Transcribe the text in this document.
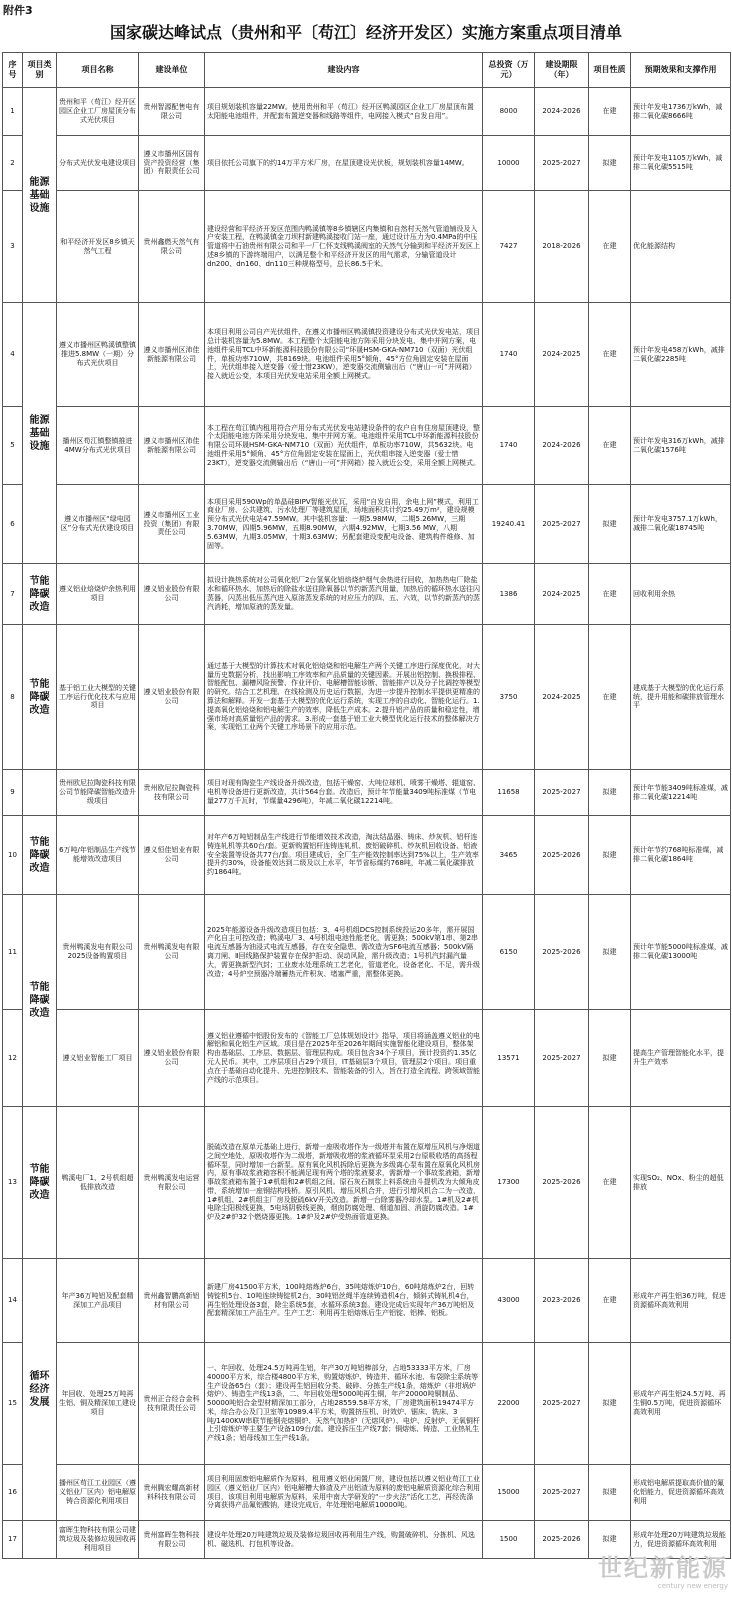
附件3
国家碳达峰试点（贵州和平〔苟江〕经济开发区）实施方案重点项目清单
序号	项目类别	项目名称	建设单位	建设内容	总投资（万元）	建设期限（年）	项目性质	预期效果和支撑作用
1	能源基础设施	贵州和平（苟江）经开区园区企业工厂房屋顶分布式光伏项目	贵州智源配售电有限公司	项目规划装机容量22MW。使用贵州和平（苟江）经开区鸭溪园区企业工厂房屋顶布置太阳能电池组件，并配套布置逆变器和线路等组件，电网接入模式“自发自用”。	8000	2024-2026	在建	预计年发电1736万kWh，减排二氧化碳8666吨
2		分布式光伏发电建设项目	遵义市播州区国有资产投资经营（集团）有限责任公司	项目依托公司旗下的约14万平方米厂房，在屋顶建设光伏板，规划装机容量14MW。	10000	2025-2027	拟建	预计年发电1105万kWh，减排二氧化碳5515吨
3		和平经济开发区8乡镇天然气工程	贵州鑫燃天然气有限公司	建设经营和平经济开发区范围内鸭溪镇等8乡镇辖区内集镇和自然村天然气管道铺设及入户安装工程，在鸭溪镇金刀坝村新建鸭溪接收门站一座，通过设计压力为0.4MPa的中压管道将中石油贵州有限公司和平一厂仁怀支线鸭溪阀室的天然气分输到和平经济开发区上述8乡镇的下游终端用户，以满足整个和平经济开发区的用气需求，分输管道设计dn200、dn160、dn110三种规格型号，总长86.5千米。	7427	2018-2026	在建	优化能源结构
4	能源基础设施	遵义市播州区鸭溪镇整镇推进5.8MW（一期）分布式光伏项目	遵义市播州区沛佳新能源有限公司	本项目利用公司自产光伏组件，在遵义市播州区鸭溪镇投资建设分布式光伏发电站，项目总计装机容量为5.8MW。本工程整个太阳能电池方阵采用分块发电、集中并网方案，电池组件采用TCL中环新能源科技股份有限公司“环晟HSM-GKA-NM710（双面）光伏组件，单板功率710W，共8169块。电池组件采用5°倾角、45°方位角固定安装在屋面上，光伏组串接入逆变器（爱士惜23KW），逆变器交流侧输出后（“唐山一可”并网箱）接入就近公变，本项目光伏发电站采用全额上网模式。	1740	2024-2025	在建	预计年发电458万kWh，减排二氧化碳2285吨
5		播州区苟江镇整镇推进4MW分布式光伏项目	遵义市播州区沛佳新能源有限公司	本工程在苟江镇内租用符合产用分布式光伏发电站建设条件的农户自有住房屋顶建设，整个太阳能电池方阵采用分块发电、集中并网方案。电池组件采用TCL中环新能源科技股份有限公司环晟HSM-GKA-NM710（双面）光伏组件，单板功率710W，共5632块。电池组件采用5°倾角、45°方位角固定安装在屋面上，光伏组串接入逆变器（爱士惜23KT），逆变器交流侧输出后（“唐山一可”并网箱）接入就近公变，采用全额上网模式。	1740	2024-2026	在建	预计年发电316万kWh，减排二氧化碳1576吨
6		遵义市播州区“绿电园区”分布式光伏建设项目	遵义市播州区工业投资（集团）有限责任公司	本项目采用590Wp的单晶硅BIPV智能光伏瓦，采用“自发自用，余电上网”模式，利用工商业厂房、公共建筑、污水处理厂等建筑屋顶，场地面积共计约25.49万m²，建设规模预分布式光伏电站47.59MW。其中装机容量：一期5.98MW，二期5.26MW，三期3.70MW，四期5.96MW，五期8.90MW，六期4.92MW，七期3.56 MW，八期5.63MW，九期3.05MW，十期3.63MW；另配套建设变配电设备、建筑构件维修、加固等。	19240.41	2025-2027	拟建	预计年发电3757.1万kWh，减排二氧化碳18745吨
7	节能降碳改造	遵义铝业焙烧炉余热利用项目	遵义铝业股份有限公司	拟设计换热系统对公司氧化铝厂2台氢氧化铝焙烧炉烟气余热进行回收，加热热电厂除盐水和循环热水，加热后的除盐水送往除氧器以节约新蒸汽用量，加热后的循环热水送往闪蒸器，闪蒸出低压蒸汽进入原溶蒸发系统的对应压力的四、五、六效，以节约新蒸汽的蒸汽消耗，增加原液的蒸发量。	1386	2024-2025	在建	回收利用余热
8	节能降碳改造	基于铝工业大模型的关键工序运行优化技术与应用项目	遵义铝业股份有限公司	通过基于大模型的计算技术对氧化铝焙烧和铝电解生产两个关键工序进行深度优化，对大量历史数据分析，找出影响工序效率和产品质量的关键因素。开展出铝控制、换极排程、智能配包、漏槽风险预警、作业评价、电解槽智能诊断、智能排产以及分子比调控等模型的研究。结合工艺机理、在线检测及历史运行数据，为进一步提升控制水平提供更精准的算法和解释。开发一套基于大模型的优化运行系统，实现工序的自动化、智能化运行。1.提高氧化铝焙烧和铝电解生产的效率，降低生产成本。2.提升铝产品的质量和稳定性，增强市场对高质量铝产品的需求。3.形成一套基于铝工业大模型优化运行技术的整体解决方案，实现铝工业两个关键工序场景下的应用示范。	3750	2024-2025	在建	建成基于大模型的优化运行系统，提升用能和碳排放管理水平
9		贵州欧尼拉陶瓷科技有限公司节能降碳智能改造升级项目	贵州欧尼拉陶瓷科技有限公司	项目对现有陶瓷生产线设备升级改造，包括干燥窑、大吨位球机、喷雾干燥塔、辊道窑、电机等设备进行更新改造，共计564台套。改造后，预计年节能量3409吨标准煤（节电量277万千瓦时，节煤量4296吨），年减二氧化碳12214吨。	11658	2025-2027	拟建	预计年节能3409吨标准煤，减排二氧化碳12214吨
10	节能降碳改造	6万吨/年铝制品生产线节能增效改造项目	遵义恒佳铝业有限公司	对年产6万吨铝制品生产线进行节能增效技术改造，淘汰结晶器、铸床、炒灰机、铝杆连铸连轧机等共60台/套。更新购置铝杆连铸连轧机、废铝破碎机、炒灰机回收设备、铝液安全装置等设备共77台/套。项目建成后，全厂生产能效控制率达到75%以上，生产效率提升约30%，设备能效达到二级及以上水平，年节省标煤约768吨，年减二氧化碳排放约1864吨。	3465	2025-2026	拟建	预计年节约768吨标准煤，减排二氧化碳1864吨
11	节能降碳改造	贵州鸭溪发电有限公司2025设备购置项目	贵州鸭溪发电有限公司	2025年能源设备升级改造项目包括：3、4号机组DCS控制系统投运20多年，需开展国产化自主可控改造；鸭溪电厂3、4号机组电池性能老化，需更换；500kV第1串、第2串电流互感器为油浸式电流互感器，存在安全隐患，需改造为SF6电流互感器；500kV隔离刀闸、Ⅱ回线路保护装置存在保护拒动、误动风险，需升级改造；1号机汽封漏汽量大，需更换新型汽封；工业废水处理系统工艺老化，管道老化，设备老化、不足，需升级改造；4号炉空预器冷端蓄热元件积灰、堵塞严重，需整体更换。	6150	2025-2026	拟建	预计年节能5000吨标准煤，减排二氧化碳13000吨
12		遵义铝业智能工厂项目	遵义铝业股份有限公司	遵义铝业遵循中铝股份发布的《智能工厂总体规划设计》指导，项目将涵盖遵义铝业的电解铝和氧化铝生产区域。项目是在2025年至2026年期间实施智能化建设项目，整体架构由基础层、工序层、数据层、管理层构成。项目包含34个子项目，预计投资约1.35亿元人民币。其中，工序层项目占29个项目，IT基础层3个项目，管理层2个项目。项目重点在于基础自动化提升、先进控制技术、智能装备的引入，旨在打造全流程、跨领域智能产线的示范项目。	13571	2025-2027	拟建	提高生产管理智能化水平，提升生产效率
13	节能降碳改造	鸭溪电厂1、2号机组超低排放改造	贵州鸭溪发电运营有限公司	脱硫改造在原单元基础上进行，新增一座吸收塔作为一级塔并布置在原增压风机与净烟道之间空地处，原吸收塔作为二级塔，新增吸收塔的浆液循环泵采用2台原吸收塔的高扬程循环泵，同时增加一台新泵。原有氧化风机拆除后更换为多级离心泵布置在原氧化风机房内，原有事故浆液箱容积不能满足现有两个塔的浆液要求，需新增一个事故浆液箱，新增事故浆液箱布置于1#机组和2#机组之间。原石灰石制浆上料系统由斗提机改为大倾角皮带，系统增加一座钢结构栈桥。原引风机、增压风机合并，进行引增风机合二为一改造，1#机组、2#机组主厂房及脱硫6kV开关改造。新增一台除雾器冷却水泵。1#机及2#机电除尘阳极线更换，5电场阴极线更换，烟囱防腐处理、烟道加固、消旋防腐改造。1#炉及2#炉32个燃烧器更换。1#炉及2#炉受热面管道更换。	17300	2025-2026	在建	实现SO₂、NOx、粉尘的超低排放
14	循环经济发展	年产36万吨铝及配套精深加工产品项目	贵州鑫智鹏高新铝材有限公司	新建厂房41500平方米，100吨熔炼炉6台，35吨熔炼炉10台，60吨熔炼炉2台，回转铸锭机5台、10吨连续铸锭机2台，30吨铝丝绳半连续铸造机4台，倾斜式铸轧机4台，再生铝处理设备3套，除尘系统5套，水循环系统3套。建设完成后实现年产36万吨铝及配套精深加工产品生产。生产工艺：利用再生铝熔炼后生产铝锭、铝棒、铝板。	43000	2023-2026	在建	形成年产再生铝36万吨，促进资源循环高效利用
15		年回收、处理25万吨再生铝、铜及精深加工建设项目	贵州正合经合金科技有限责任公司	一、年回收、处理24.5万吨再生铝，年产30万吨铝棒部分，占地53333平方米，厂房40000平方米，综合楼4800平方米，购置熔炼炉、铸造井、循环水池、布袋除尘系统等生产设备65台（套）；建设再生铝回收分类、破碎、分拣生产线1条，熔炼炉（非坩埚炉熔炉）、铸造生产线13条，二、年回收处理5000吨再生铜，年产20000吨铜制品、50000吨铝合金型材精深加工部分，占地28559.58平方米，厂房建筑面积19474平方米，综合办公及门卫室等10989.4平方米，购置挤压机、时效炉、锯床、铣床、3吨/1400KW串联节能钢壳熔铜炉、天然气加热炉（无熔风炉）、电炉、反射炉、无氧铜杆上引熔炼炉等主要生产设备109台/套。建设拆压生产线7套；铜熔炼、铸造、工业热轧生产线1条；铝母线加工生产线1条。	22000	2025-2027	拟建	形成年产再生铝24.5万吨、再生铜0.5万吨，促进资源循环高效利用
16		播州区苟江工业园区（遵义铝业厂区内）铝电解原铸合资源化利用项目	贵州腾宏耀高新材料科技有限公司	项目利用固废铝电解质作为原料，租用遵义铝业闲置厂房，建设包括以遵义铝业苟江工业园区（遵义铝业厂区内）铝电解槽大修渣及产出铝渣为原料的废铝电解质资源化综合利用项目，该项目利用电解质为原料，采用中南大学研发的“一步火法”活化工艺，再经洗涤分离获得产品氟铝酸钠，建设完成后，年处理铝电解质10000吨。	15000	2025-2027	拟建	形成铝电解质提取高价值的氟化铝能力，促进资源循环高效利用
17		富晖生物科技有限公司建筑垃圾及装修垃圾回收再利用项目	贵州富晖生物科技有限公司	建设年处理20万吨建筑垃圾及装修垃圾回收再利用生产线，购置破碎机、分拣机、风选机、磁选机、打包机等设备。	1500	2025-2026	拟建	形成年处理20万吨建筑垃圾能力，促进资源循环高效利用
世纪新能源
century new energy
